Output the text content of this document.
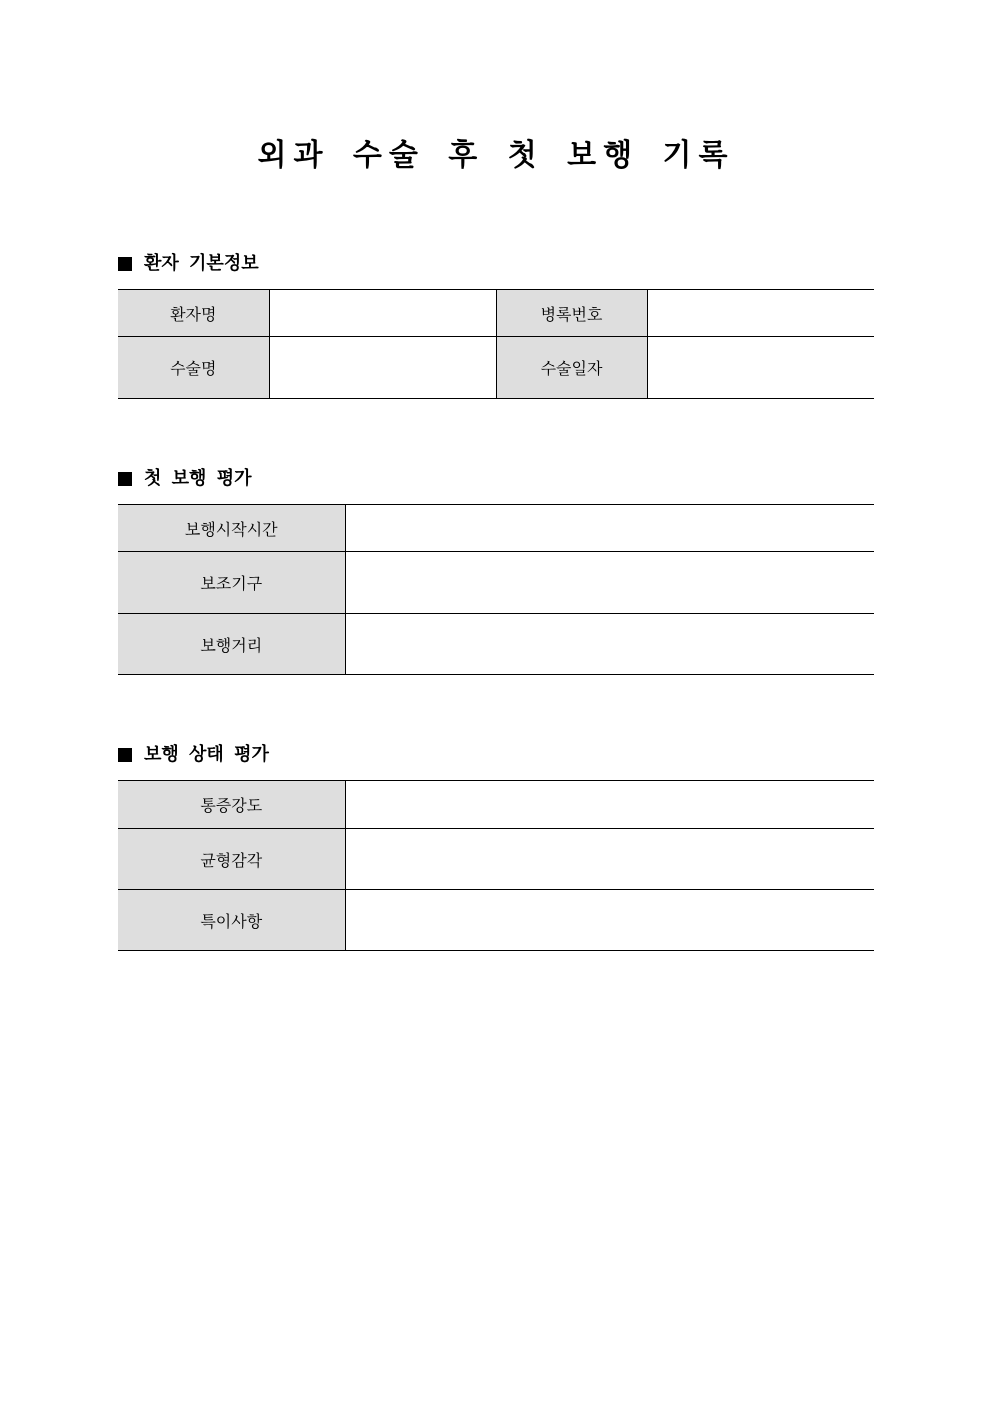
외과 수술 후 첫 보행 기록
환자 기본정보
환자명		병록번호	
수술명		수술일자	
첫 보행 평가
보행시작시간	
보조기구	
보행거리	
보행 상태 평가
통증강도	
균형감각	
특이사항	
